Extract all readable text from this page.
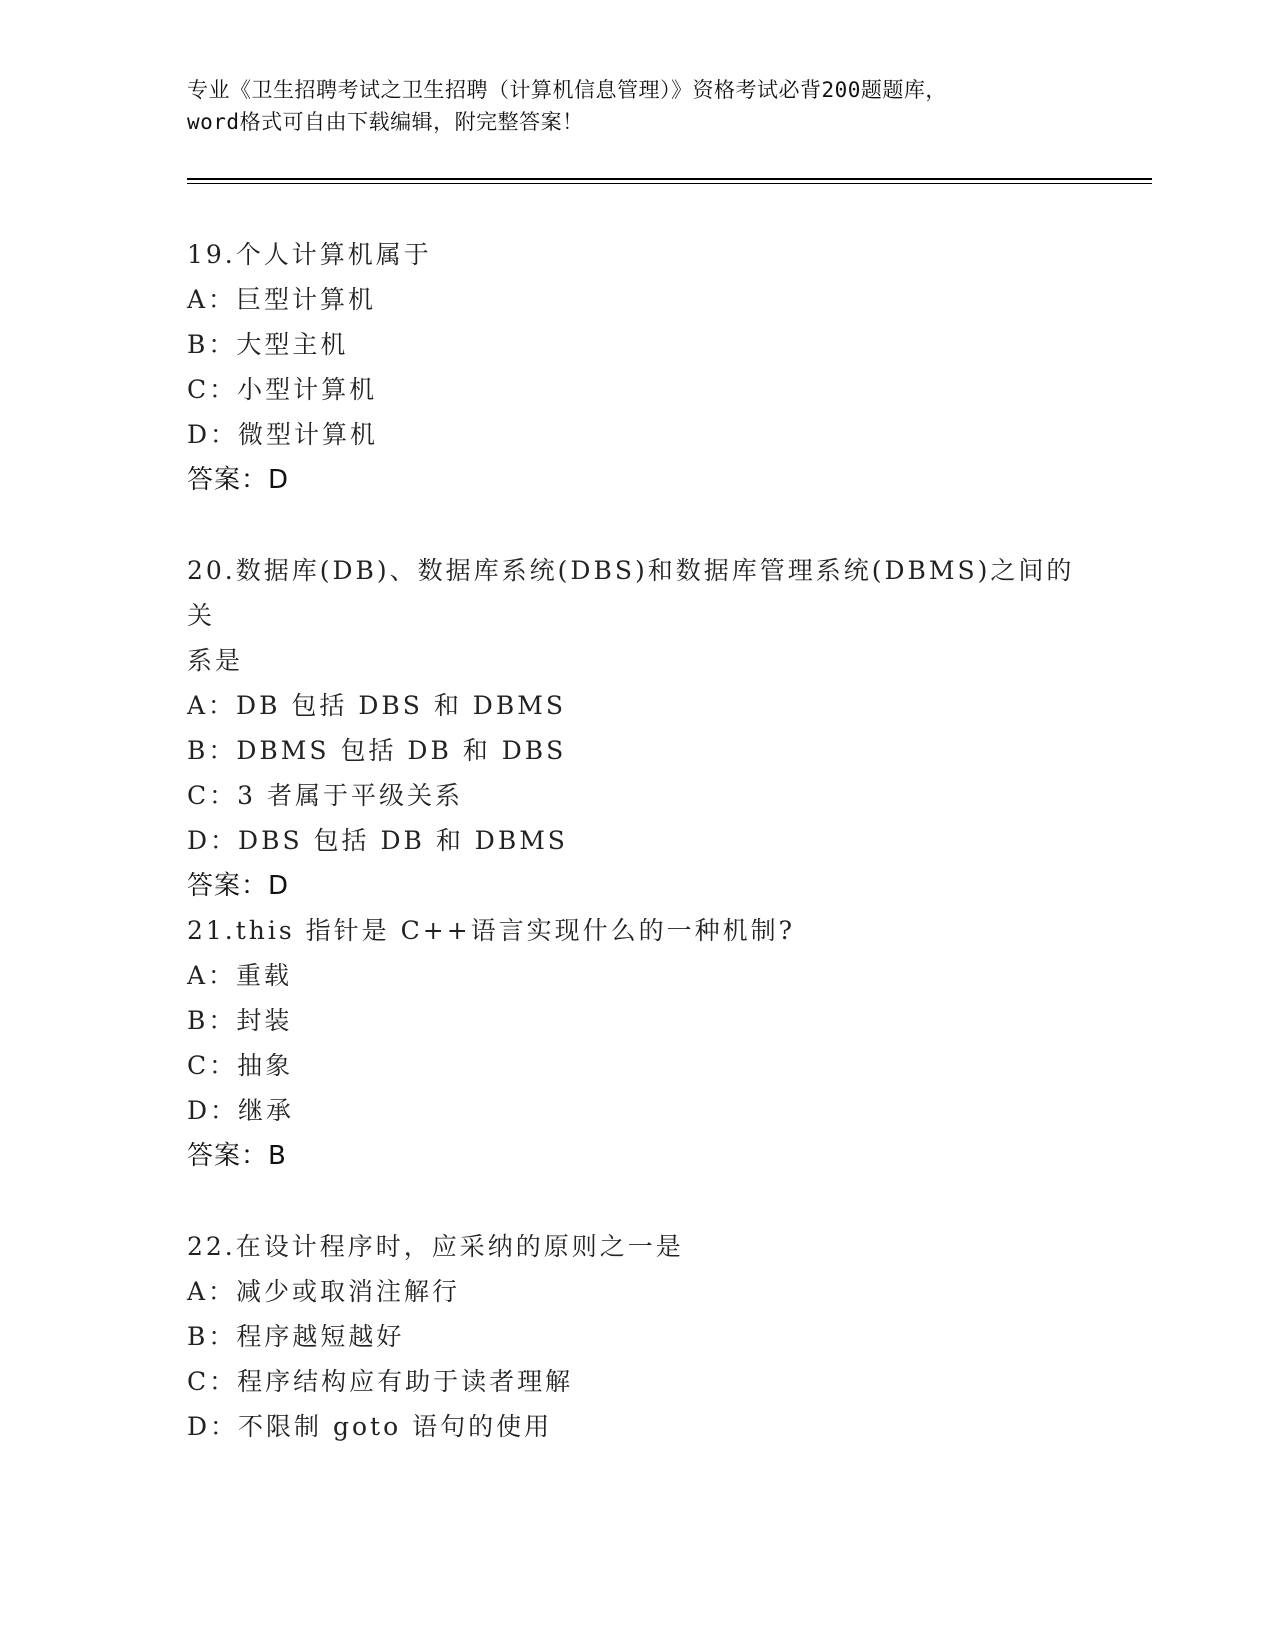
专业《卫生招聘考试之卫生招聘（计算机信息管理）》资格考试必背200题题库，
word格式可自由下载编辑，附完整答案！

19.个人计算机属于

A：巨型计算机

B：大型主机

C：小型计算机

D：微型计算机

答案：D

20.数据库(DB)、数据库系统(DBS)和数据库管理系统(DBMS)之间的关

系是

A：DB 包括 DBS 和 DBMS

B：DBMS 包括 DB 和 DBS

C：3 者属于平级关系

D：DBS 包括 DB 和 DBMS

答案：D

21.this 指针是 C++语言实现什么的一种机制?

A：重载

B：封装

C：抽象

D：继承

答案：B

22.在设计程序时，应采纳的原则之一是

A：减少或取消注解行

B：程序越短越好

C：程序结构应有助于读者理解

D：不限制 goto 语句的使用
